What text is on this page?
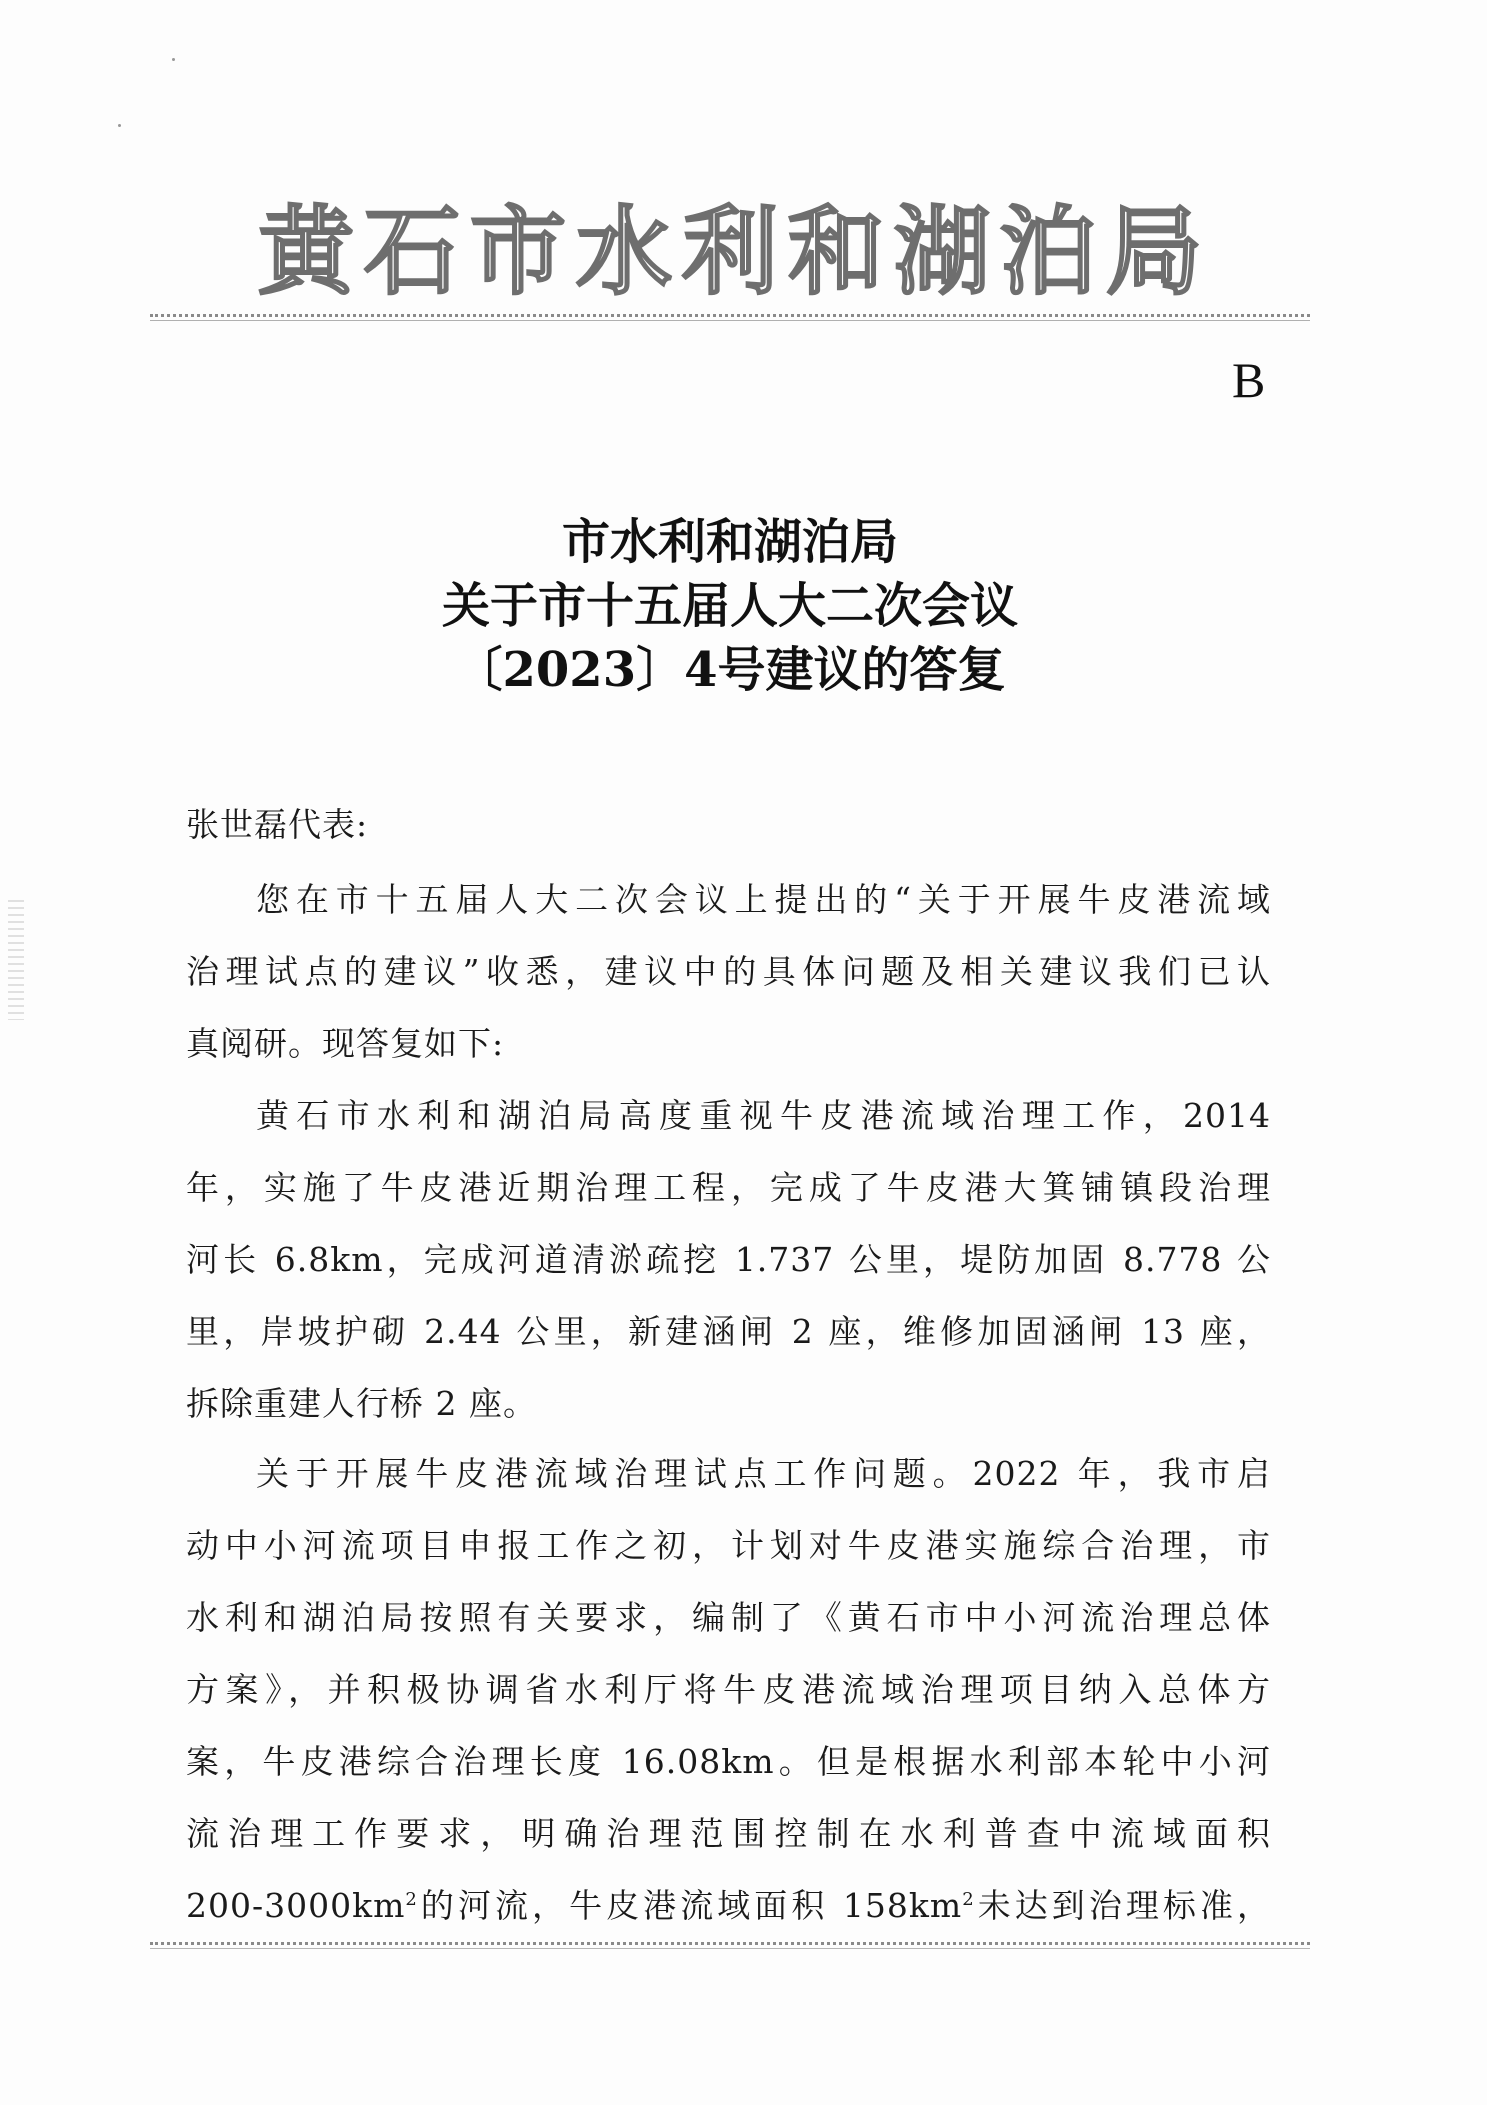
黄石市水利和湖泊局
B
市水利和湖泊局
关于市十五届人大二次会议
〔2023〕4号建议的答复
张世磊代表:
您在市十五届人大二次会议上提出的“关于开展牛皮港流域
治理试点的建议”收悉，建议中的具体问题及相关建议我们已认
真阅研。现答复如下:
黄石市水利和湖泊局高度重视牛皮港流域治理工作，2014
年，实施了牛皮港近期治理工程，完成了牛皮港大箕铺镇段治理
河长 6.8km，完成河道清淤疏挖 1.737 公里，堤防加固 8.778 公
里，岸坡护砌 2.44 公里，新建涵闸 2 座，维修加固涵闸 13 座，
拆除重建人行桥 2 座。
关于开展牛皮港流域治理试点工作问题。2022 年，我市启
动中小河流项目申报工作之初，计划对牛皮港实施综合治理，市
水利和湖泊局按照有关要求，编制了《黄石市中小河流治理总体
方案》，并积极协调省水利厅将牛皮港流域治理项目纳入总体方
案，牛皮港综合治理长度 16.08km。但是根据水利部本轮中小河
流治理工作要求，明确治理范围控制在水利普查中流域面积
$200-3000km^2$的河流，牛皮港流域面积 $158km^2$未达到治理标准，
